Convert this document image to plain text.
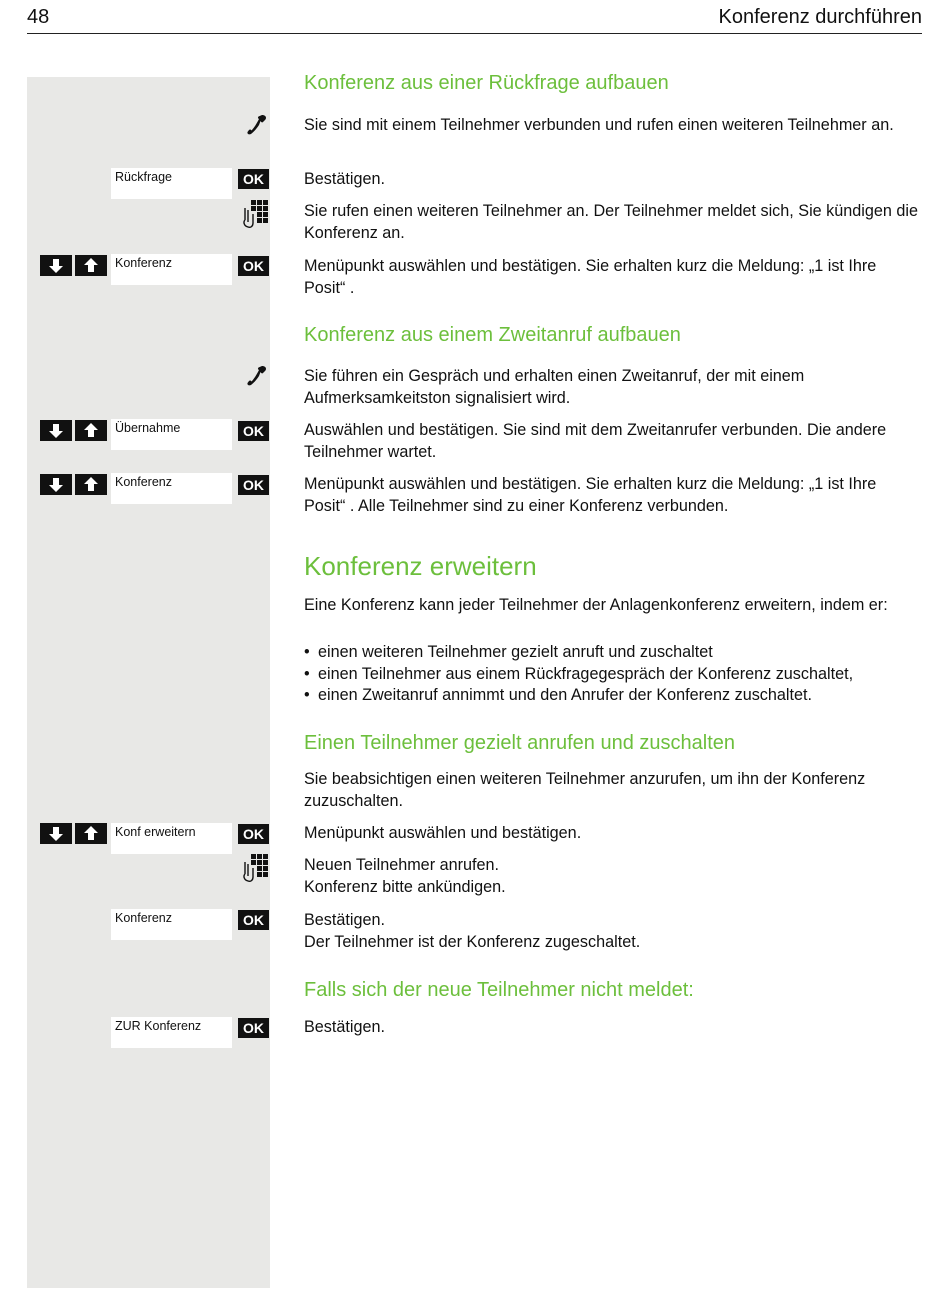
48	Konferenz durchführen
Konferenz aus einer Rückfrage aufbauen
Sie sind mit einem Teilnehmer verbunden und rufen einen weiteren Teilnehmer an.
Rückfrage	OK	Bestätigen.
Sie rufen einen weiteren Teilnehmer an. Der Teilnehmer meldet sich, Sie kündigen die Konferenz an.
Konferenz	OK	Menüpunkt auswählen und bestätigen. Sie erhalten kurz die Meldung: „1 ist Ihre Posit“ .
Konferenz aus einem Zweitanruf aufbauen
Sie führen ein Gespräch und erhalten einen Zweitanruf, der mit einem Aufmerksamkeitston signalisiert wird.
Übernahme	OK	Auswählen und bestätigen. Sie sind mit dem Zweitanrufer verbunden. Die andere Teilnehmer wartet.
Konferenz	OK	Menüpunkt auswählen und bestätigen. Sie erhalten kurz die Meldung: „1 ist Ihre Posit“ . Alle Teilnehmer sind zu einer Konferenz verbunden.
Konferenz erweitern
Eine Konferenz kann jeder Teilnehmer der Anlagenkonferenz erweitern, indem er:
• einen weiteren Teilnehmer gezielt anruft und zuschaltet
• einen Teilnehmer aus einem Rückfragegespräch der Konferenz zuschaltet,
• einen Zweitanruf annimmt und den Anrufer der Konferenz zuschaltet.
Einen Teilnehmer gezielt anrufen und zuschalten
Sie beabsichtigen einen weiteren Teilnehmer anzurufen, um ihn der Konferenz zuzuschalten.
Konf erweitern	OK	Menüpunkt auswählen und bestätigen.
Neuen Teilnehmer anrufen.
Konferenz bitte ankündigen.
Konferenz	OK	Bestätigen.
Der Teilnehmer ist der Konferenz zugeschaltet.
Falls sich der neue Teilnehmer nicht meldet:
ZUR Konferenz	OK	Bestätigen.
